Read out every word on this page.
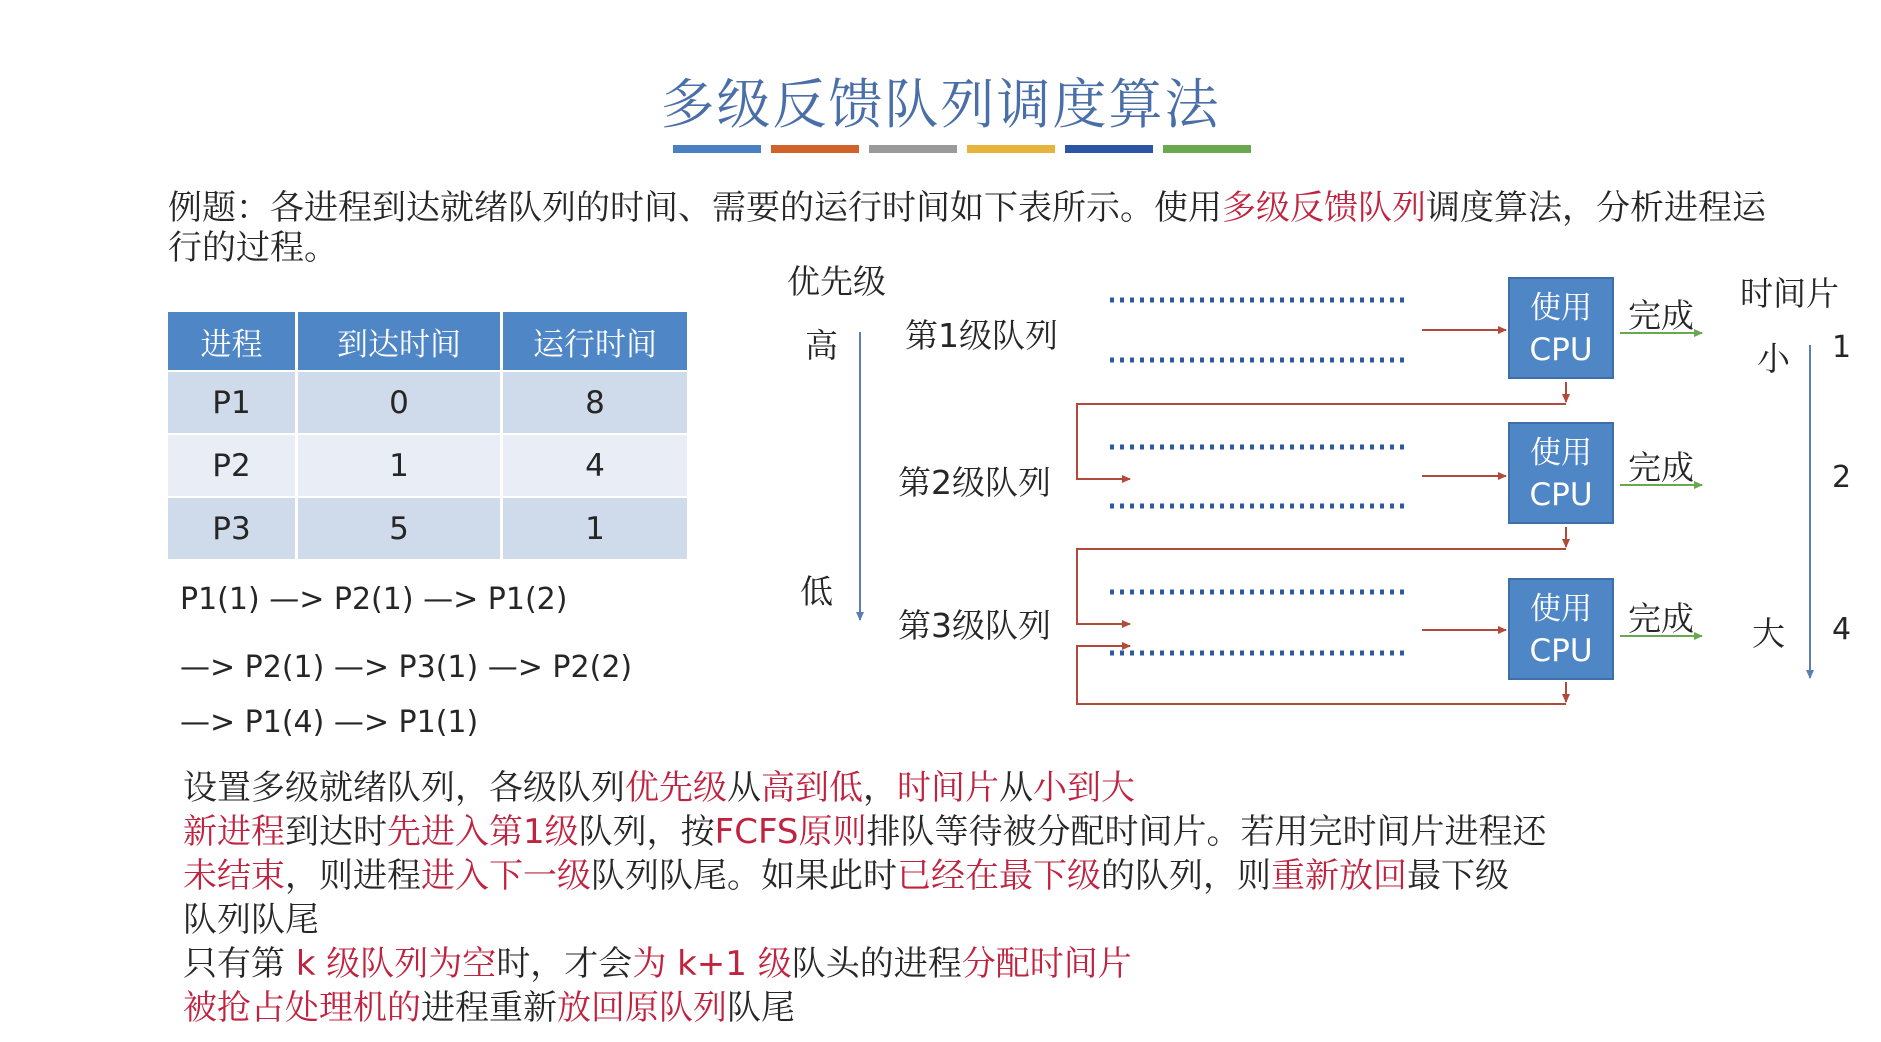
多级反馈队列调度算法
例题：各进程到达就绪队列的时间、需要的运行时间如下表所示。使用多级反馈队列调度算法，分析进程运行的过程。
进程	到达时间	运行时间
P1	0	8
P2	1	4
P3	5	1
P1(1) —> P2(1) —> P1(2)
—> P2(1) —> P3(1) —> P2(2)
—> P1(4) —> P1(1)
优先级
高
低
第1级队列
第2级队列
第3级队列
使用
CPU
使用
CPU
使用
CPU
完成
完成
完成
时间片
小
大
1
2
4
设置多级就绪队列，各级队列优先级从高到低，时间片从小到大
新进程到达时先进入第1级队列，按FCFS原则排队等待被分配时间片。若用完时间片进程还
未结束，则进程进入下一级队列队尾。如果此时已经在最下级的队列，则重新放回最下级
队列队尾
只有第 k 级队列为空时，才会为 k+1 级队头的进程分配时间片
被抢占处理机的进程重新放回原队列队尾
